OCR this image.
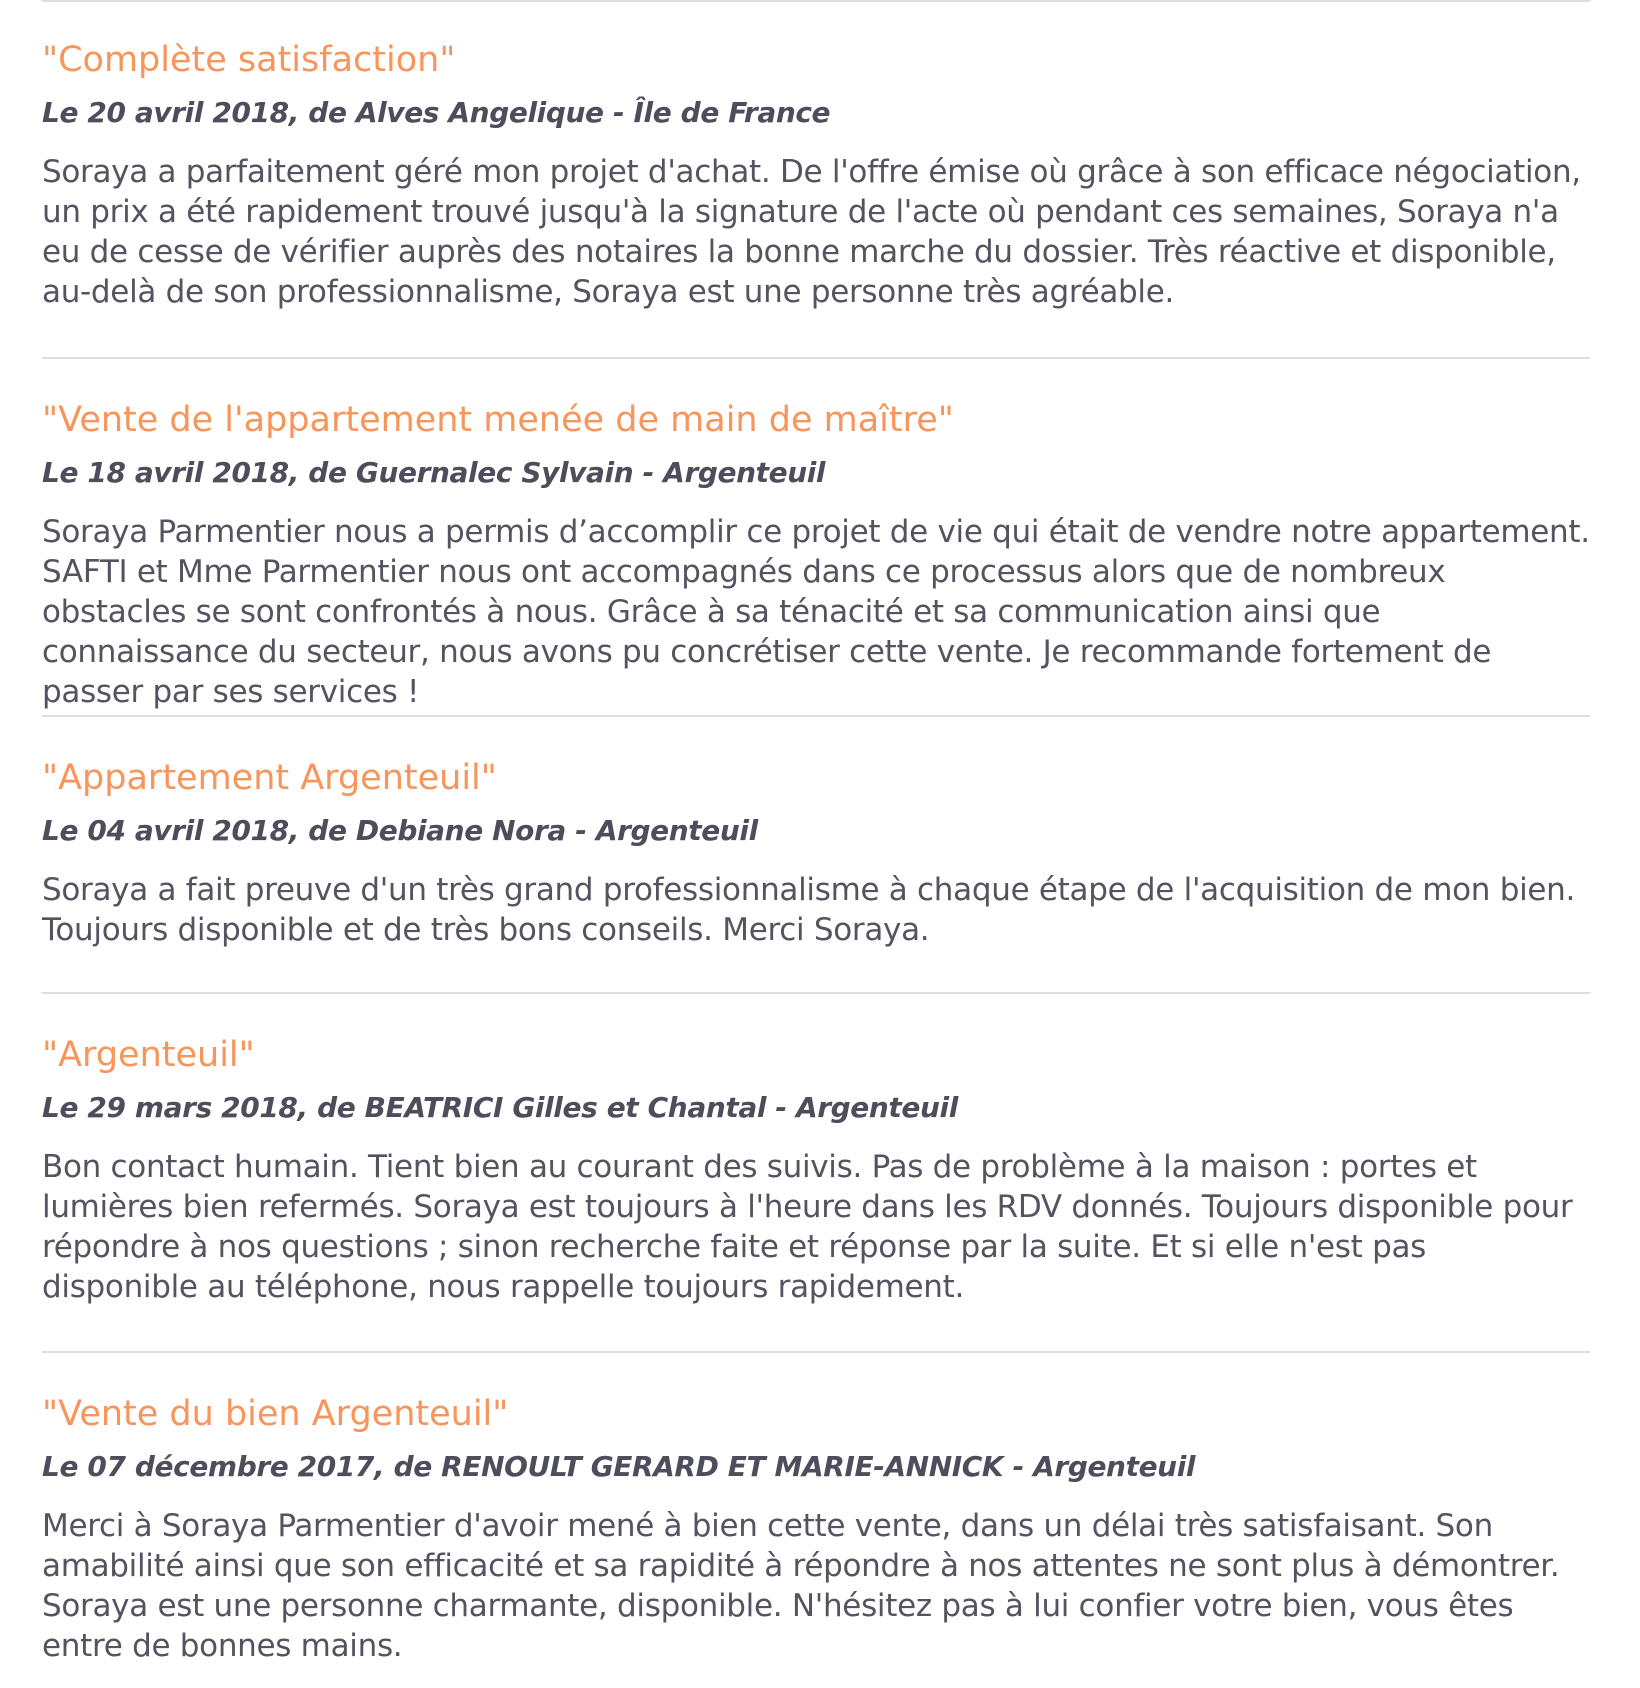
"Complète satisfaction"

Le 20 avril 2018, de Alves Angelique - Île de France

Soraya a parfaitement géré mon projet d'achat. De l'offre émise où grâce à son efficace négociation, un prix a été rapidement trouvé jusqu'à la signature de l'acte où pendant ces semaines, Soraya n'a eu de cesse de vérifier auprès des notaires la bonne marche du dossier. Très réactive et disponible, au-delà de son professionnalisme, Soraya est une personne très agréable.

"Vente de l'appartement menée de main de maître"

Le 18 avril 2018, de Guernalec Sylvain - Argenteuil

Soraya Parmentier nous a permis d’accomplir ce projet de vie qui était de vendre notre appartement. SAFTI et Mme Parmentier nous ont accompagnés dans ce processus alors que de nombreux obstacles se sont confrontés à nous. Grâce à sa ténacité et sa communication ainsi que connaissance du secteur, nous avons pu concrétiser cette vente. Je recommande fortement de passer par ses services !

"Appartement Argenteuil"

Le 04 avril 2018, de Debiane Nora - Argenteuil

Soraya a fait preuve d'un très grand professionnalisme à chaque étape de l'acquisition de mon bien. Toujours disponible et de très bons conseils. Merci Soraya.

"Argenteuil"

Le 29 mars 2018, de BEATRICI Gilles et Chantal - Argenteuil

Bon contact humain. Tient bien au courant des suivis. Pas de problème à la maison : portes et lumières bien refermés. Soraya est toujours à l'heure dans les RDV donnés. Toujours disponible pour répondre à nos questions ; sinon recherche faite et réponse par la suite. Et si elle n'est pas disponible au téléphone, nous rappelle toujours rapidement.

"Vente du bien Argenteuil"

Le 07 décembre 2017, de RENOULT GERARD ET MARIE-ANNICK - Argenteuil

Merci à Soraya Parmentier d'avoir mené à bien cette vente, dans un délai très satisfaisant. Son amabilité ainsi que son efficacité et sa rapidité à répondre à nos attentes ne sont plus à démontrer. Soraya est une personne charmante, disponible. N'hésitez pas à lui confier votre bien, vous êtes entre de bonnes mains.
